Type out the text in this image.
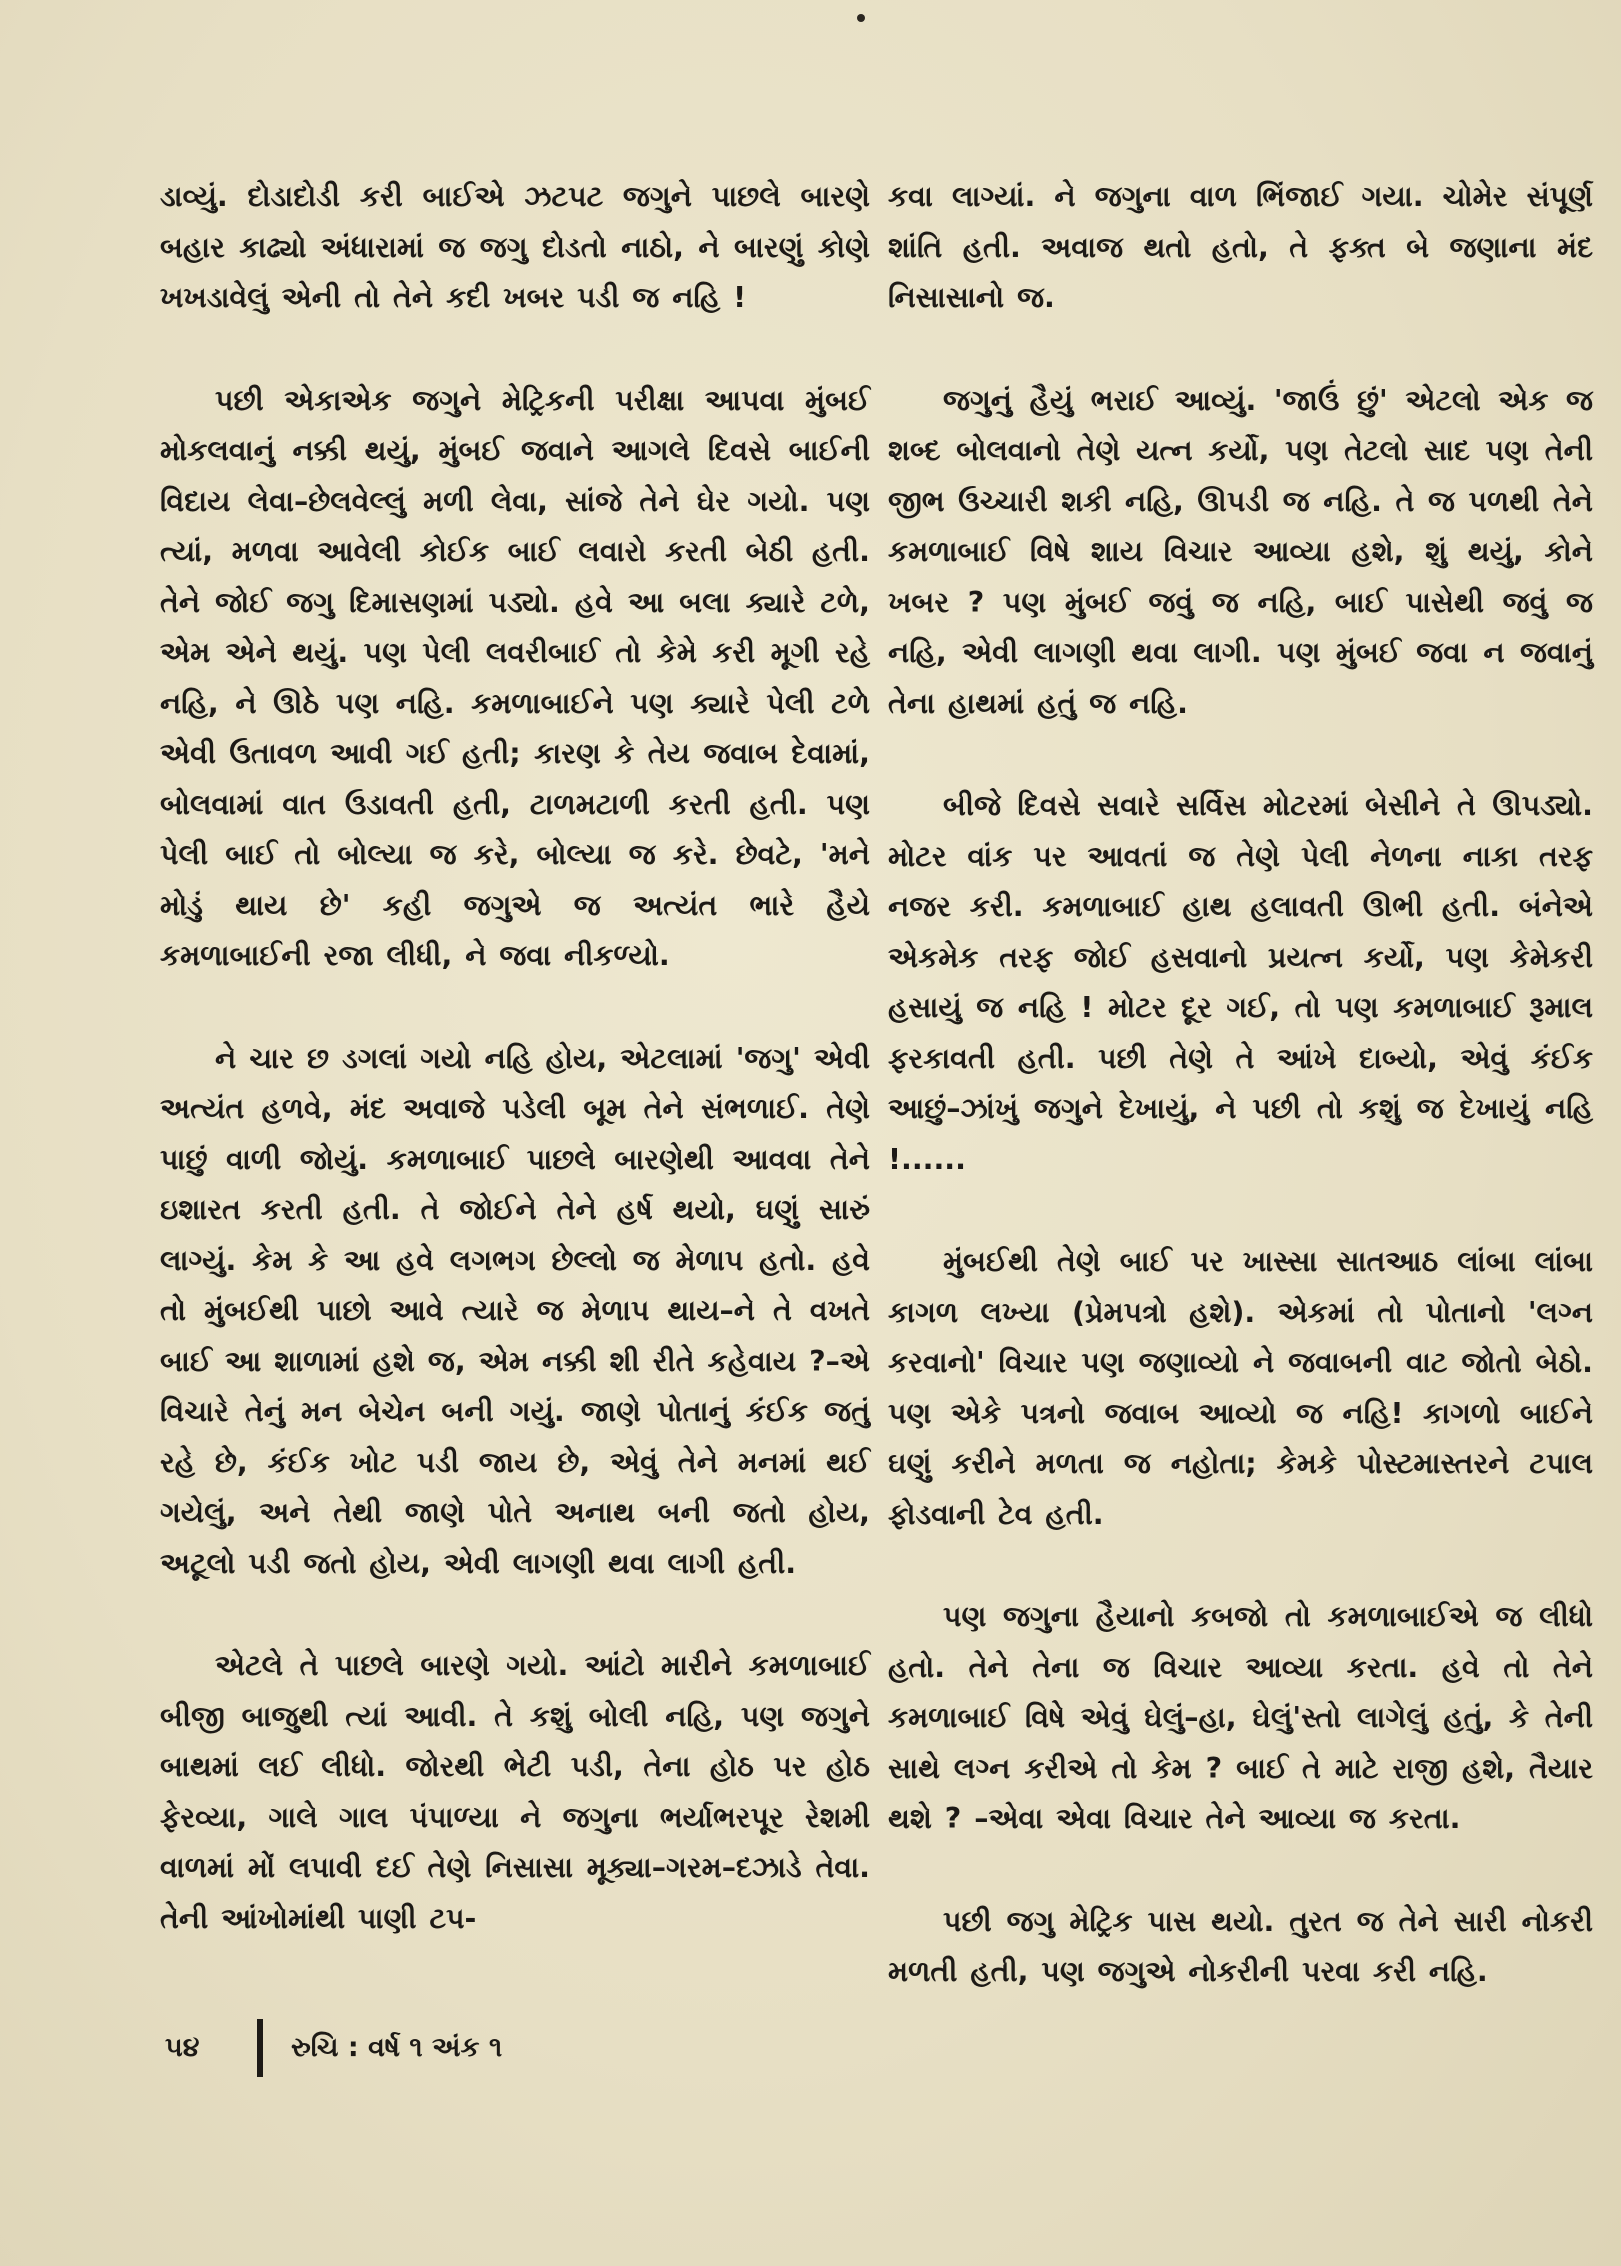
ડાવ્યું. દોડાદોડી કરી બાઈએ ઝટપટ જગુને પાછલે બારણે બહાર કાઢ્યો અંધારામાં જ જગુ દોડતો નાઠો, ને બારણું કોણે ખખડાવેલું એની તો તેને કદી ખબર પડી જ નહિ !

પછી એકાએક જગુને મેટ્રિકની પરીક્ષા આપવા મુંબઈ મોકલવાનું નક્કી થયું, મુંબઈ જવાને આગલે દિવસે બાઈની વિદાય લેવા–છેલવેલ્લું મળી લેવા, સાંજે તેને ઘેર ગયો. પણ ત્યાં, મળવા આવેલી કોઈક બાઈ લવારો કરતી બેઠી હતી. તેને જોઈ જગુ દિમાસણમાં પડ્યો. હવે આ બલા ક્યારે ટળે, એમ એને થયું. પણ પેલી લવરીબાઈ તો કેમે કરી મૂગી રહે નહિ, ને ઊઠે પણ નહિ. કમળાબાઈને પણ ક્યારે પેલી ટળે એવી ઉતાવળ આવી ગઈ હતી; કારણ કે તેય જવાબ દેવામાં, બોલવામાં વાત ઉડાવતી હતી, ટાળમટાળી કરતી હતી. પણ પેલી બાઈ તો બોલ્યા જ કરે, બોલ્યા જ કરે. છેવટે, 'મને મોડું થાય છે' કહી જગુએ જ અત્યંત ભારે હૈયે કમળાબાઈની રજા લીધી, ને જવા નીકળ્યો.

ને ચાર છ ડગલાં ગયો નહિ હોય, એટલામાં 'જગુ' એવી અત્યંત હળવે, મંદ અવાજે પડેલી બૂમ તેને સંભળાઈ. તેણે પાછું વાળી જોયું. કમળાબાઈ પાછલે બારણેથી આવવા તેને ઇશારત કરતી હતી. તે જોઈને તેને હર્ષ થયો, ઘણું સારું લાગ્યું. કેમ કે આ હવે લગભગ છેલ્લો જ મેળાપ હતો. હવે તો મુંબઈથી પાછો આવે ત્યારે જ મેળાપ થાય–ને તે વખતે બાઈ આ શાળામાં હશે જ, એમ નક્કી શી રીતે કહેવાય ?–એ વિચારે તેનું મન બેચેન બની ગયું. જાણે પોતાનું કંઈક જતું રહે છે, કંઈક ખોટ પડી જાય છે, એવું તેને મનમાં થઈ ગયેલું, અને તેથી જાણે પોતે અનાથ બની જતો હોય, અટૂલો પડી જતો હોય, એવી લાગણી થવા લાગી હતી.

એટલે તે પાછલે બારણે ગયો. આંટો મારીને કમળાબાઈ બીજી બાજુથી ત્યાં આવી. તે કશું બોલી નહિ, પણ જગુને બાથમાં લઈ લીધો. જોરથી ભેટી પડી, તેના હોઠ પર હોઠ ફેરવ્યા, ગાલે ગાલ પંપાળ્યા ને જગુના ભર્યાભરપૂર રેશમી વાળમાં મોં લપાવી દઈ તેણે નિસાસા મૂક્યા–ગરમ–દઝાડે તેવા. તેની આંખોમાંથી પાણી ટપ-

કવા લાગ્યાં. ને જગુના વાળ ભિંજાઈ ગયા. ચોમેર સંપૂર્ણ શાંતિ હતી. અવાજ થતો હતો, તે ફક્ત બે જણાના મંદ નિસાસાનો જ.

જગુનું હૈયું ભરાઈ આવ્યું. 'જાઉં છું' એટલો એક જ શબ્દ બોલવાનો તેણે યત્ન કર્યો, પણ તેટલો સાદ પણ તેની જીભ ઉચ્ચારી શકી નહિ, ઊપડી જ નહિ. તે જ પળથી તેને કમળાબાઈ વિષે શાય વિચાર આવ્યા હશે, શું થયું, કોને ખબર ? પણ મુંબઈ જવું જ નહિ, બાઈ પાસેથી જવું જ નહિ, એવી લાગણી થવા લાગી. પણ મુંબઈ જવા ન જવાનું તેના હાથમાં હતું જ નહિ.

બીજે દિવસે સવારે સર્વિસ મોટરમાં બેસીને તે ઊપડ્યો. મોટર વાંક પર આવતાં જ તેણે પેલી નેળના નાકા તરફ નજર કરી. કમળાબાઈ હાથ હલાવતી ઊભી હતી. બંનેએ એકમેક તરફ જોઈ હસવાનો પ્રયત્ન કર્યો, પણ કેમેકરી હસાયું જ નહિ ! મોટર દૂર ગઈ, તો પણ કમળાબાઈ રૂમાલ ફરકાવતી હતી. પછી તેણે તે આંખે દાબ્યો, એવું કંઈક આછું–ઝાંખું જગુને દેખાયું, ને પછી તો કશું જ દેખાયું નહિ !......

મુંબઈથી તેણે બાઈ પર ખાસ્સા સાતઆઠ લાંબા લાંબા કાગળ લખ્યા (પ્રેમપત્રો હશે). એકમાં તો પોતાનો 'લગ્ન કરવાનો' વિચાર પણ જણાવ્યો ને જવાબની વાટ જોતો બેઠો. પણ એકે પત્રનો જવાબ આવ્યો જ નહિ! કાગળો બાઈને ઘણું કરીને મળતા જ નહોતા; કેમકે પોસ્ટમાસ્તરને ટપાલ ફોડવાની ટેવ હતી.

પણ જગુના હૈયાનો કબજો તો કમળાબાઈએ જ લીધો હતો. તેને તેના જ વિચાર આવ્યા કરતા. હવે તો તેને કમળાબાઈ વિષે એવું ઘેલું–હા, ઘેલું'સ્તો લાગેલું હતું, કે તેની સાથે લગ્ન કરીએ તો કેમ ? બાઈ તે માટે રાજી હશે, તૈયાર થશે ? –એવા એવા વિચાર તેને આવ્યા જ કરતા.

પછી જગુ મેટ્રિક પાસ થયો. તુરત જ તેને સારી નોકરી મળતી હતી, પણ જગુએ નોકરીની પરવા કરી નહિ.

૫૪	રુચિ : વર્ષ ૧ અંક ૧
